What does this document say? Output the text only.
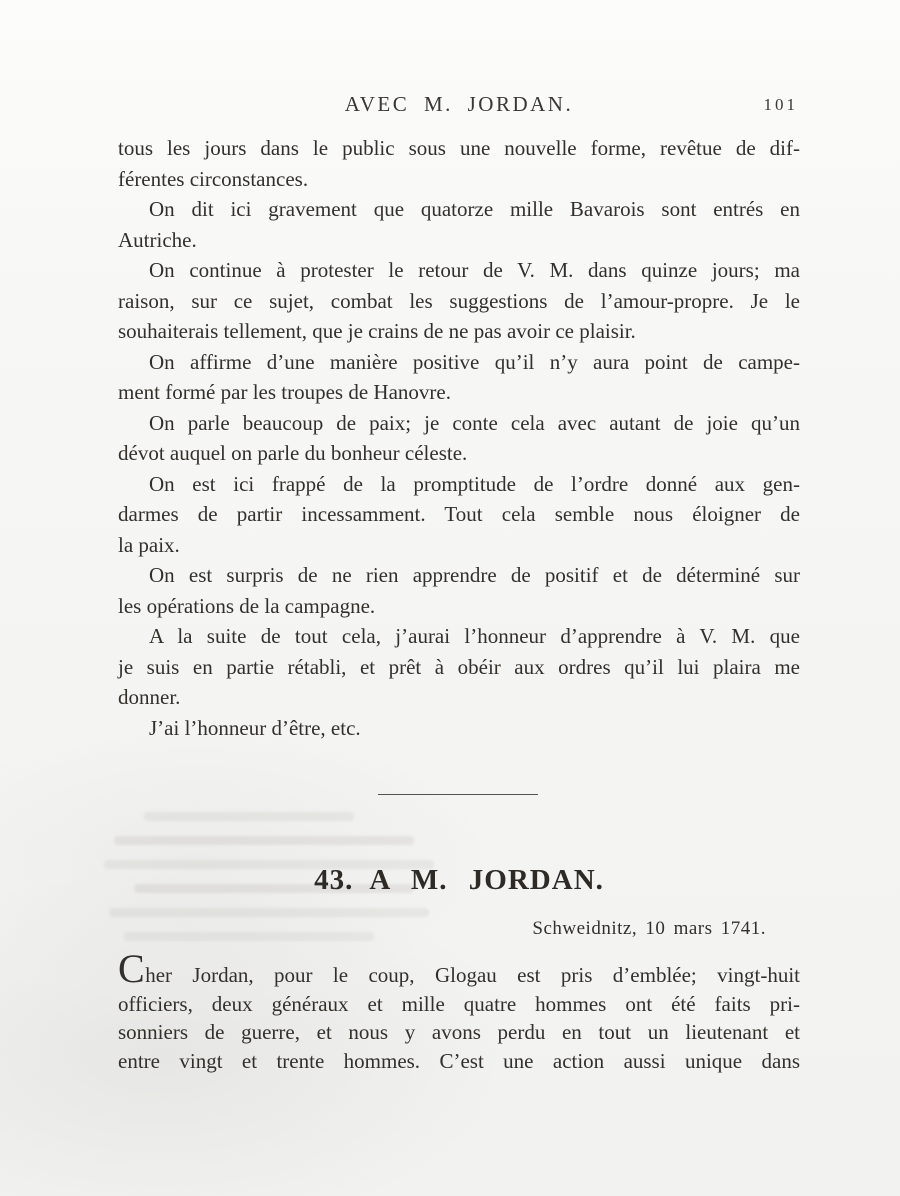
AVEC M. JORDAN.	101
tous les jours dans le public sous une nouvelle forme, revêtue de dif-
férentes circonstances.
On dit ici gravement que quatorze mille Bavarois sont entrés en
Autriche.
On continue à protester le retour de V. M. dans quinze jours; ma
raison, sur ce sujet, combat les suggestions de l’amour-propre. Je le
souhaiterais tellement, que je crains de ne pas avoir ce plaisir.
On affirme d’une manière positive qu’il n’y aura point de campe-
ment formé par les troupes de Hanovre.
On parle beaucoup de paix; je conte cela avec autant de joie qu’un
dévot auquel on parle du bonheur céleste.
On est ici frappé de la promptitude de l’ordre donné aux gen-
darmes de partir incessamment. Tout cela semble nous éloigner de
la paix.
On est surpris de ne rien apprendre de positif et de déterminé sur
les opérations de la campagne.
A la suite de tout cela, j’aurai l’honneur d’apprendre à V. M. que
je suis en partie rétabli, et prêt à obéir aux ordres qu’il lui plaira me
donner.
J’ai l’honneur d’être, etc.
43. A M. JORDAN.
Schweidnitz, 10 mars 1741.
Cher Jordan, pour le coup, Glogau est pris d’emblée; vingt-huit
officiers, deux généraux et mille quatre hommes ont été faits pri-
sonniers de guerre, et nous y avons perdu en tout un lieutenant et
entre vingt et trente hommes. C’est une action aussi unique dans
